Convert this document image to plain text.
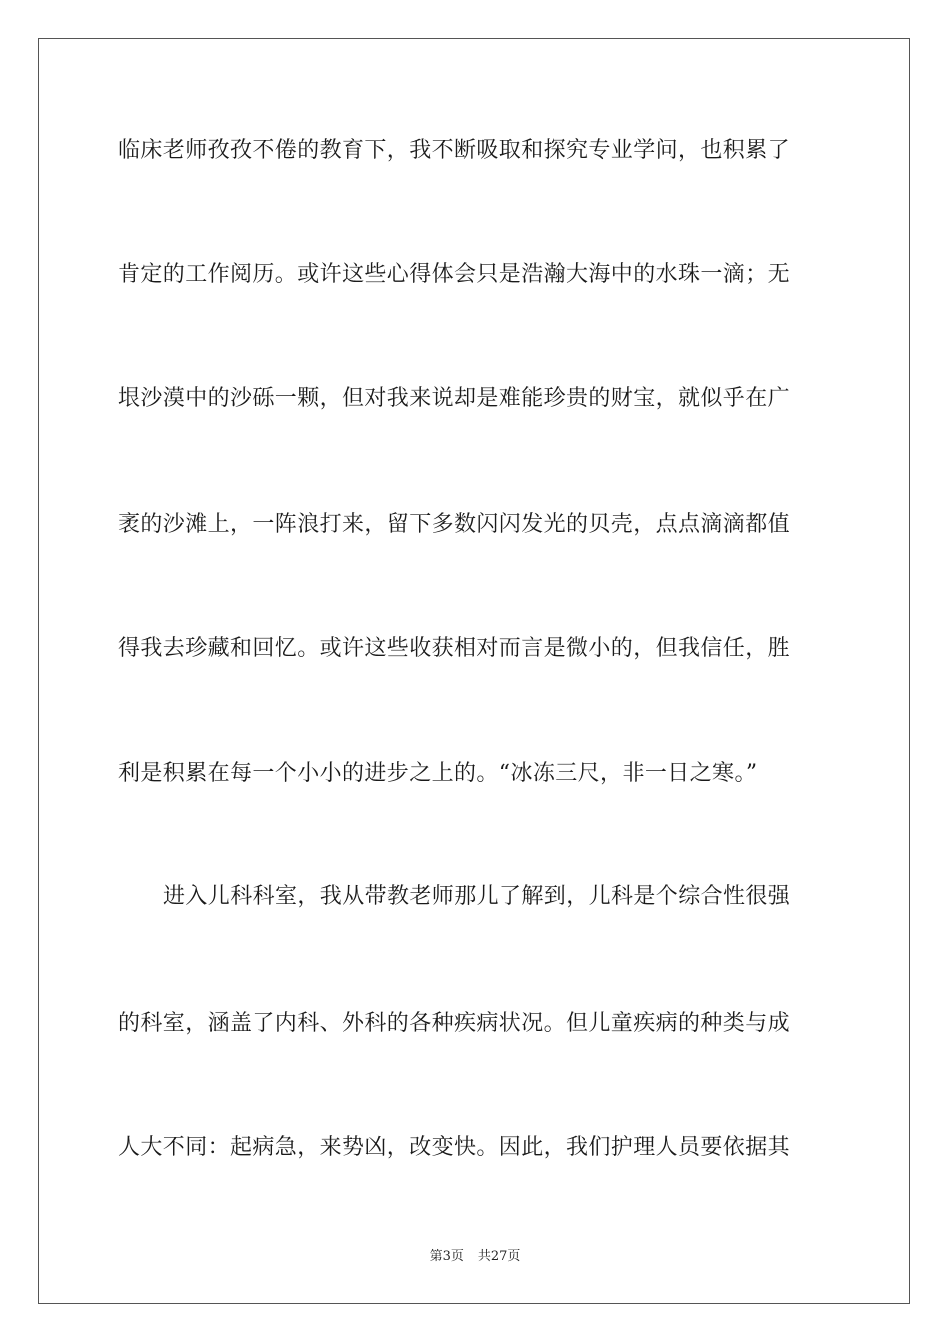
临床老师孜孜不倦的教育下，我不断吸取和探究专业学问，也积累了
肯定的工作阅历。或许这些心得体会只是浩瀚大海中的水珠一滴；无
垠沙漠中的沙砾一颗，但对我来说却是难能珍贵的财宝，就似乎在广
袤的沙滩上，一阵浪打来，留下多数闪闪发光的贝壳，点点滴滴都值
得我去珍藏和回忆。或许这些收获相对而言是微小的，但我信任，胜
利是积累在每一个小小的进步之上的。“冰冻三尺，非一日之寒。”
进入儿科科室，我从带教老师那儿了解到，儿科是个综合性很强
的科室，涵盖了内科、外科的各种疾病状况。但儿童疾病的种类与成
人大不同：起病急，来势凶，改变快。因此，我们护理人员要依据其
第3页 共27页
